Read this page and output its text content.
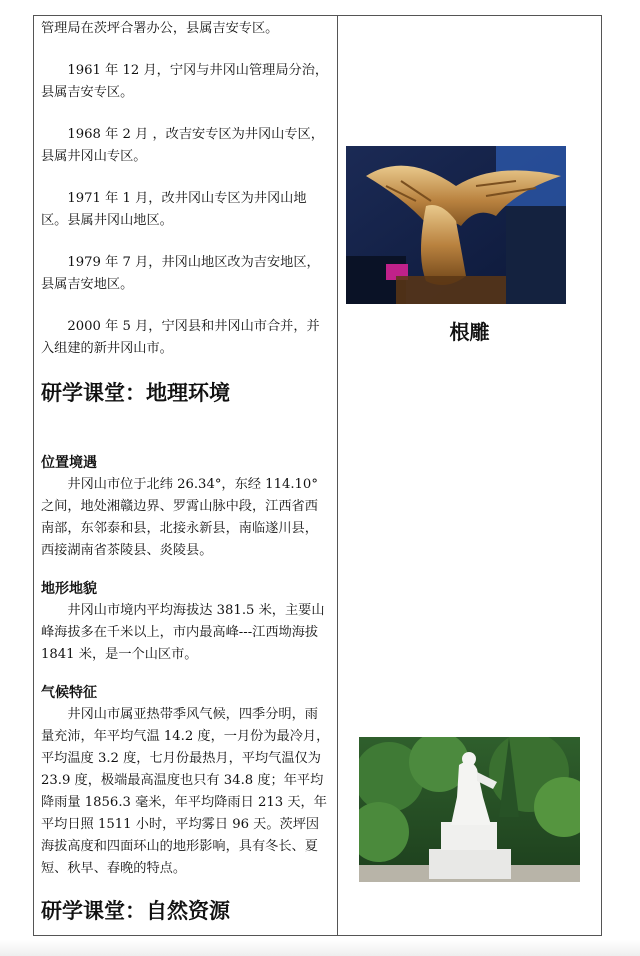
管理局在茨坪合署办公，县属吉安专区。

1961 年 12 月，宁冈与井冈山管理局分治，县属吉安专区。

1968 年 2 月 ，改吉安专区为井冈山专区，县属井冈山专区。

1971 年 1 月，改井冈山专区为井冈山地区。县属井冈山地区。

1979 年 7 月，井冈山地区改为吉安地区，县属吉安地区。

2000 年 5 月，宁冈县和井冈山市合并，并入组建的新井冈山市。

研学课堂：地理环境
位置境遇

井冈山市位于北纬 26.34°，东经 114.10°之间，地处湘赣边界、罗霄山脉中段，江西省西南部，东邻泰和县，北接永新县，南临遂川县，西接湖南省茶陵县、炎陵县。

地形地貌

井冈山市境内平均海拔达 381.5 米，主要山峰海拔多在千米以上，市内最高峰---江西坳海拔 1841 米，是一个山区市。

气候特征

井冈山市属亚热带季风气候，四季分明，雨量充沛，年平均气温 14.2 度，一月份为最冷月，平均温度 3.2 度，七月份最热月，平均气温仅为 23.9 度，极端最高温度也只有 34.8 度；年平均降雨量 1856.3 毫米，年平均降雨日 213 天，年平均日照 1511 小时，平均雾日 96 天。茨坪因海拔高度和四面环山的地形影响，具有冬长、夏短、秋早、春晚的特点。

研学课堂：自然资源
根雕
